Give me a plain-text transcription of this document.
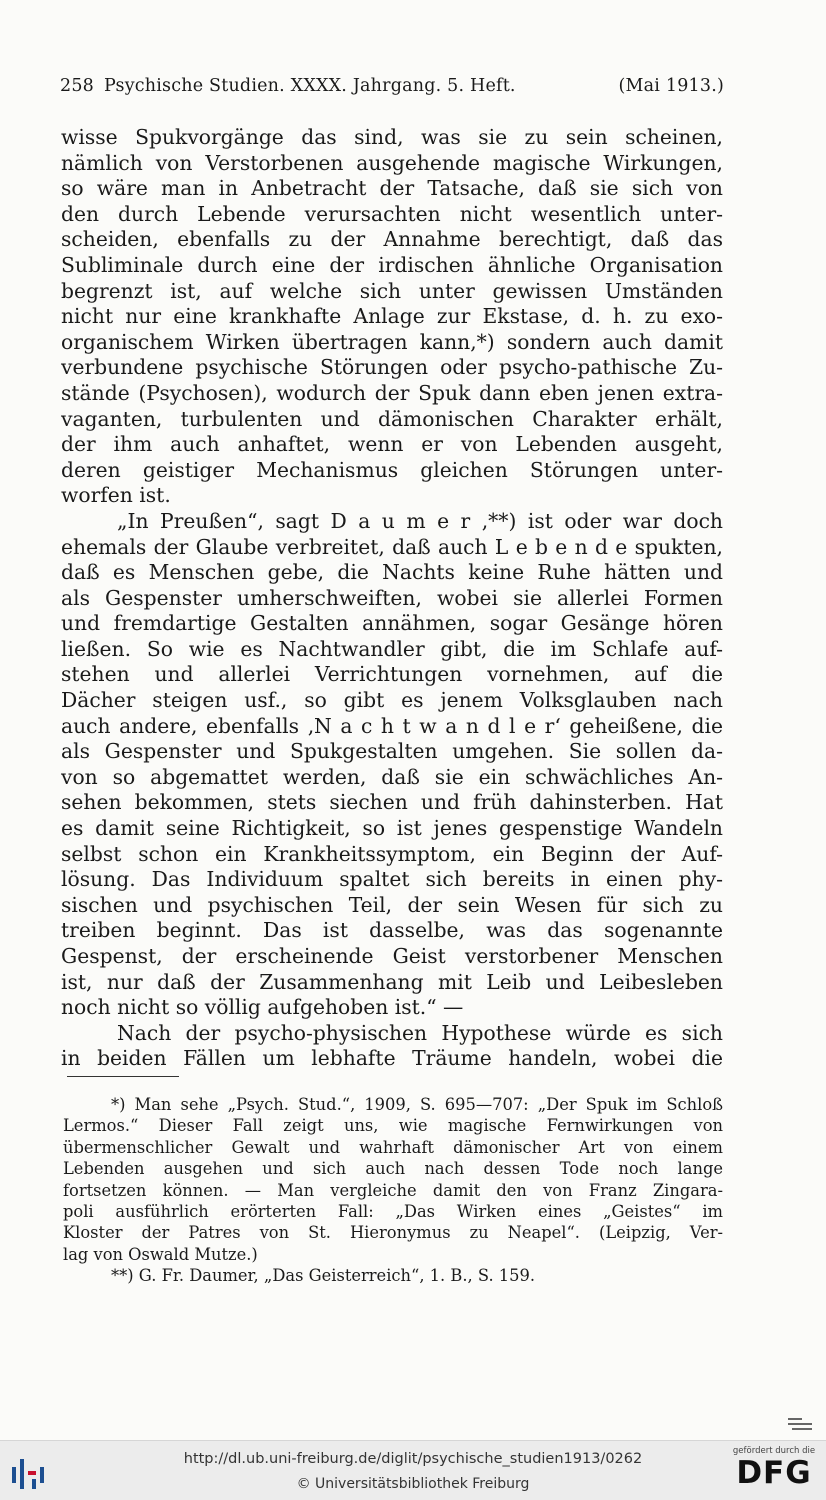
258 Psychische Studien. XXXX. Jahrgang. 5. Heft.	(Mai 1913.)
wisse Spukvorgänge das sind, was sie zu sein scheinen,
nämlich von Verstorbenen ausgehende magische Wirkungen,
so wäre man in Anbetracht der Tatsache, daß sie sich von
den durch Lebende verursachten nicht wesentlich unter-
scheiden, ebenfalls zu der Annahme berechtigt, daß das
Subliminale durch eine der irdischen ähnliche Organisation
begrenzt ist, auf welche sich unter gewissen Umständen
nicht nur eine krankhafte Anlage zur Ekstase, d. h. zu exo-
organischem Wirken übertragen kann,*) sondern auch damit
verbundene psychische Störungen oder psycho-pathische Zu-
stände (Psychosen), wodurch der Spuk dann eben jenen extra-
vaganten, turbulenten und dämonischen Charakter erhält,
der ihm auch anhaftet, wenn er von Lebenden ausgeht,
deren geistiger Mechanismus gleichen Störungen unter-
worfen ist.
„In Preußen“, sagt D a u m e r ,**) ist oder war doch
ehemals der Glaube verbreitet, daß auch L e b e n d e spukten,
daß es Menschen gebe, die Nachts keine Ruhe hätten und
als Gespenster umherschweiften, wobei sie allerlei Formen
und fremdartige Gestalten annähmen, sogar Gesänge hören
ließen. So wie es Nachtwandler gibt, die im Schlafe auf-
stehen und allerlei Verrichtungen vornehmen, auf die
Dächer steigen usf., so gibt es jenem Volksglauben nach
auch andere, ebenfalls ‚N a c h t w a n d l e r‘ geheißene, die
als Gespenster und Spukgestalten umgehen. Sie sollen da-
von so abgemattet werden, daß sie ein schwächliches An-
sehen bekommen, stets siechen und früh dahinsterben. Hat
es damit seine Richtigkeit, so ist jenes gespenstige Wandeln
selbst schon ein Krankheitssymptom, ein Beginn der Auf-
lösung. Das Individuum spaltet sich bereits in einen phy-
sischen und psychischen Teil, der sein Wesen für sich zu
treiben beginnt. Das ist dasselbe, was das sogenannte
Gespenst, der erscheinende Geist verstorbener Menschen
ist, nur daß der Zusammenhang mit Leib und Leibesleben
noch nicht so völlig aufgehoben ist.“ —
Nach der psycho-physischen Hypothese würde es sich
in beiden Fällen um lebhafte Träume handeln, wobei die
*) Man sehe „Psych. Stud.“, 1909, S. 695—707: „Der Spuk im Schloß
Lermos.“ Dieser Fall zeigt uns, wie magische Fernwirkungen von
übermenschlicher Gewalt und wahrhaft dämonischer Art von einem
Lebenden ausgehen und sich auch nach dessen Tode noch lange
fortsetzen können. — Man vergleiche damit den von Franz Zingara-
poli ausführlich erörterten Fall: „Das Wirken eines „Geistes“ im
Kloster der Patres von St. Hieronymus zu Neapel“. (Leipzig, Ver-
lag von Oswald Mutze.)
**) G. Fr. Daumer, „Das Geisterreich“, 1. B., S. 159.
http://dl.ub.uni-freiburg.de/diglit/psychische_studien1913/0262
© Universitätsbibliothek Freiburg
gefördert durch die
DFG
